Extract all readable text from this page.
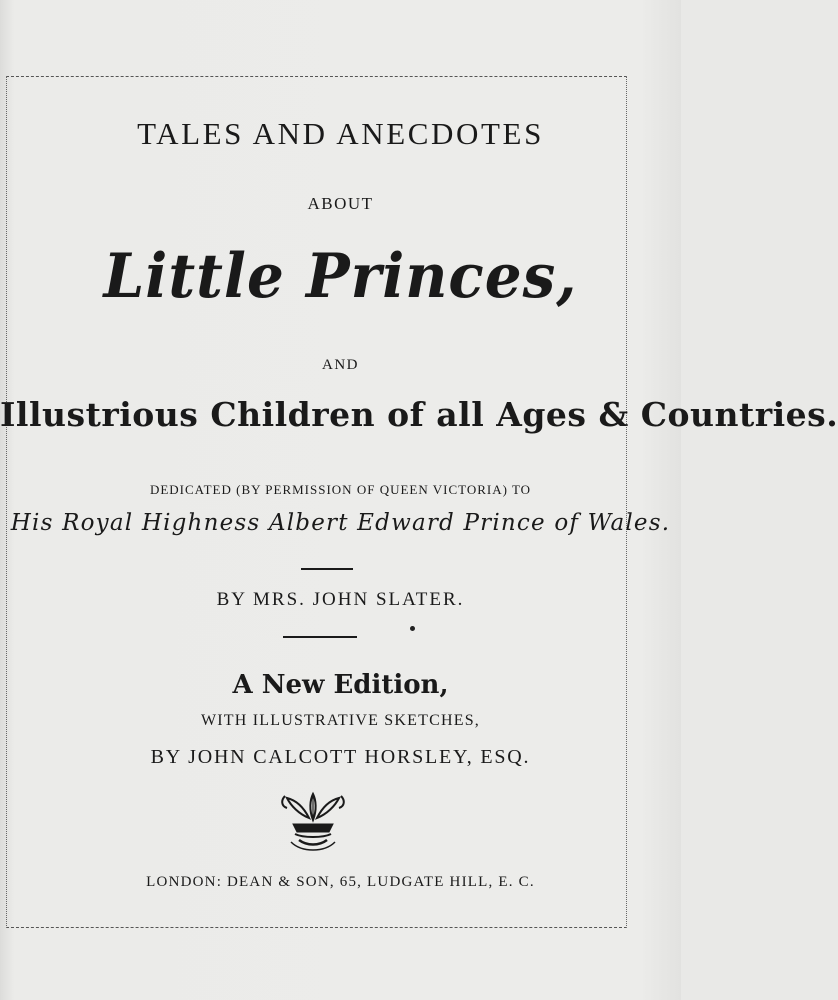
TALES AND ANECDOTES
ABOUT
Little Princes,
AND
Illustrious Children of all Ages & Countries.
DEDICATED (BY PERMISSION OF QUEEN VICTORIA) TO
His Royal Highness Albert Edward Prince of Wales.
BY MRS. JOHN SLATER.
A New Edition,
WITH ILLUSTRATIVE SKETCHES,
BY JOHN CALCOTT HORSLEY, ESQ.
LONDON: DEAN & SON, 65, LUDGATE HILL, E. C.
